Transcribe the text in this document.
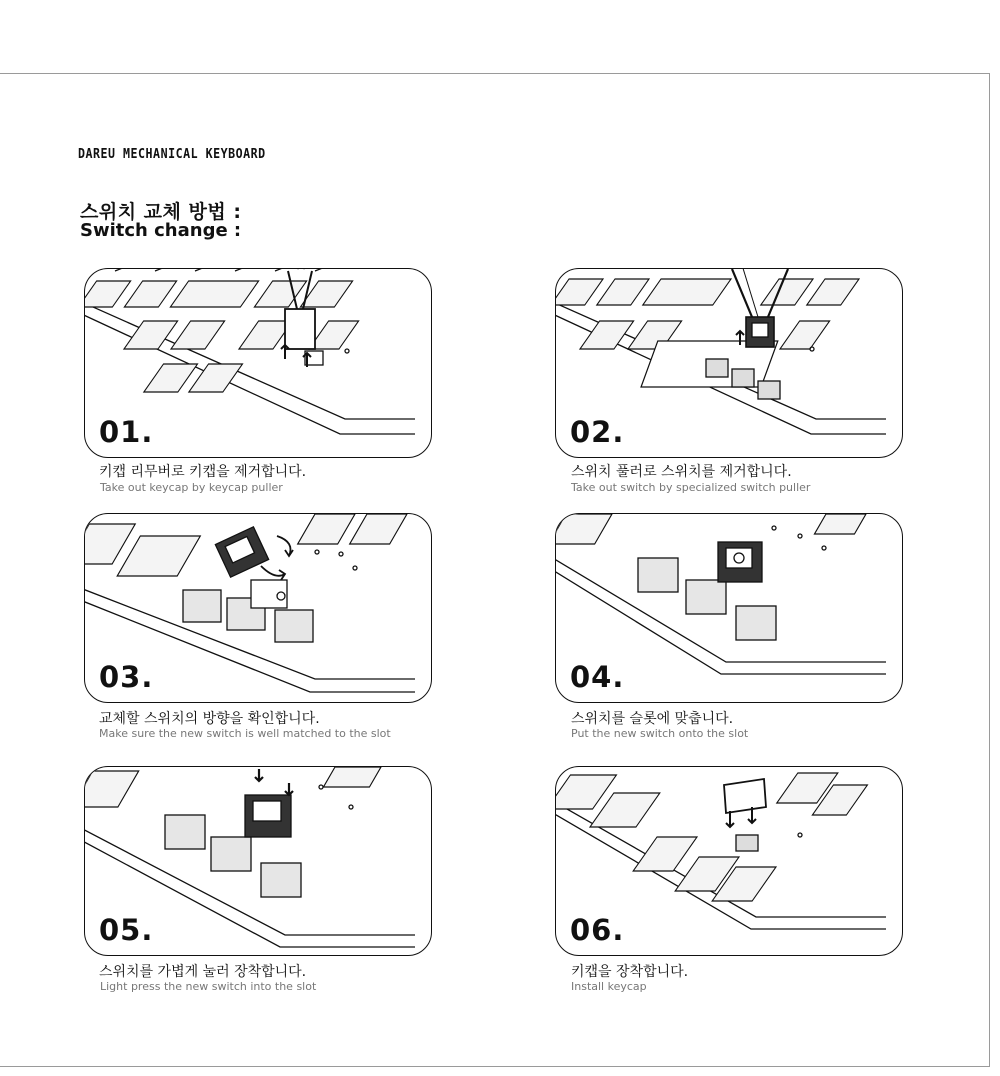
DAREU MECHANICAL KEYBOARD
스위치 교체 방법 :
Switch change :
01.
키캡 리무버로 키캡을 제거합니다.
Take out keycap by keycap puller
02.
스위치 풀러로 스위치를 제거합니다.
Take out switch by specialized switch puller
03.
교체할 스위치의 방향을 확인합니다.
Make sure the new switch is well matched to the slot
04.
스위치를 슬롯에 맞춥니다.
Put the new switch onto the slot
05.
스위치를 가볍게 눌러 장착합니다.
Light press the new switch into the slot
06.
키캡을 장착합니다.
Install keycap
